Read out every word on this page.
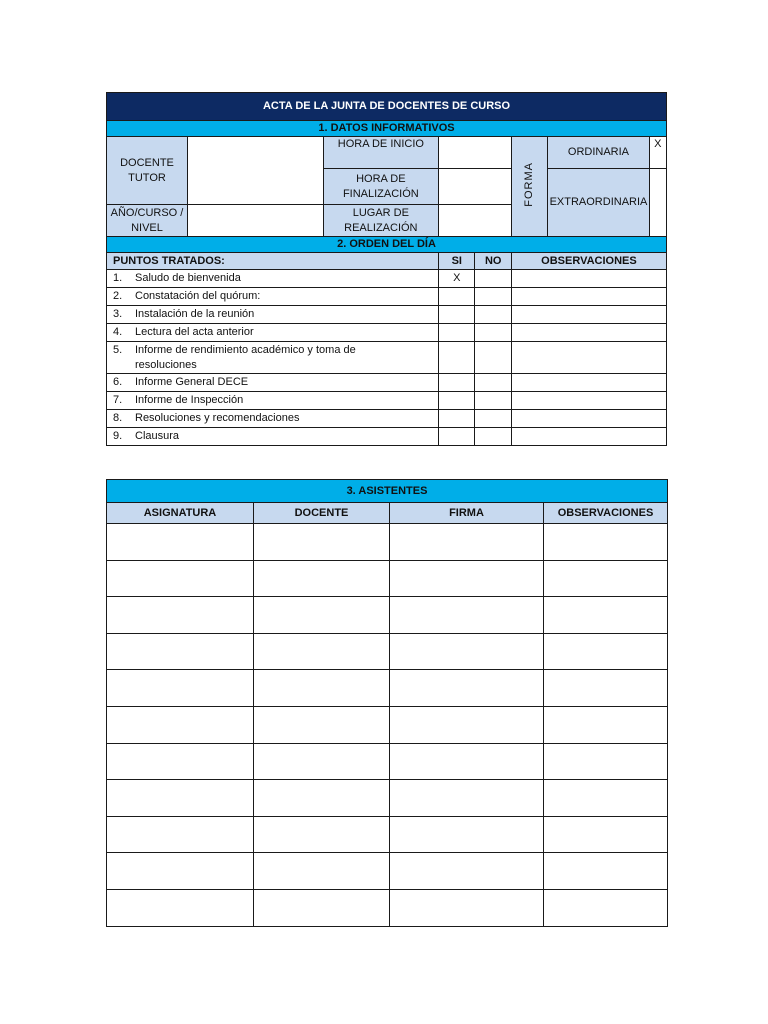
ACTA DE LA JUNTA DE DOCENTES DE CURSO							
1. DATOS INFORMATIVOS							
DOCENTE TUTOR		HORA DE INICIO			FORMA	ORDINARIA	X
		HORA DE FINALIZACIÓN				EXTRAORDINARIA	
AÑO/CURSO / NIVEL		LUGAR DE REALIZACIÓN					
2. ORDEN DEL DÍA							
PUNTOS TRATADOS:			SI	NO	OBSERVACIONES		

1. Saludo de bienvenida			X				

2. Constatación del quórum:							

3. Instalación de la reunión							

4. Lectura del acta anterior							

5. Informe de rendimiento académico y toma de resoluciones							

6. Informe General DECE							

7. Informe de Inspección							

8. Resoluciones y recomendaciones							

9. Clausura							

3. ASISTENTES			
ASIGNATURA	DOCENTE	FIRMA	OBSERVACIONES
